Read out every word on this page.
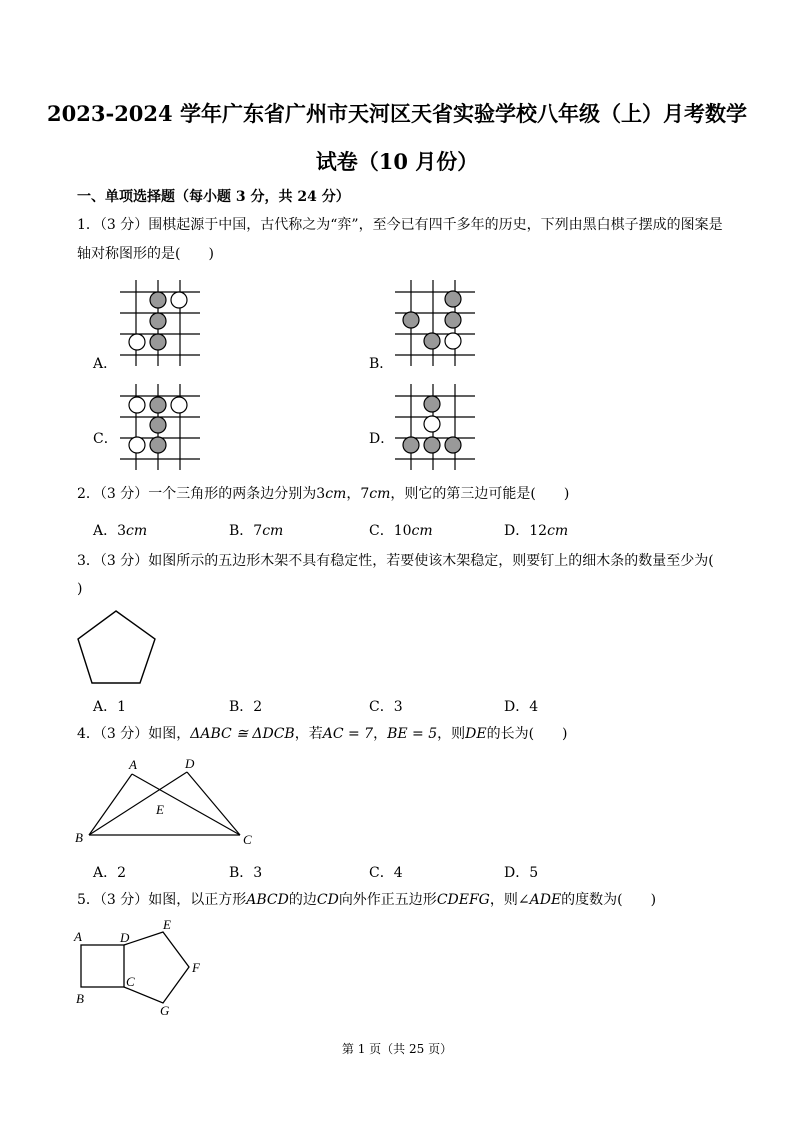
2023-2024 学年广东省广州市天河区天省实验学校八年级（上）月考数学
试卷（10 月份）
一、单项选择题（每小题 3 分，共 24 分）
1．（3 分）围棋起源于中国，古代称之为“弈”，至今已有四千多年的历史，下列由黑白棋子摆成的图案是
轴对称图形的是(　　)
A．	B．
C．	D．
2．（3 分）一个三角形的两条边分别为3cm，7cm，则它的第三边可能是(　　)
A．3cm	B．7cm	C．10cm	D．12cm
3．（3 分）如图所示的五边形木架不具有稳定性，若要使该木架稳定，则要钉上的细木条的数量至少为(
)
A．1	B．2	C．3	D．4
4．（3 分）如图，ΔABC ≅ ΔDCB，若AC = 7，BE = 5，则DE的长为(　　)
A	D
E
B	C
A．2	B．3	C．4	D．5
5．（3 分）如图，以正方形ABCD的边CD向外作正五边形CDEFG，则∠ADE的度数为(　　)
A	D
E
F
B
C
G
第 1 页（共 25 页）
